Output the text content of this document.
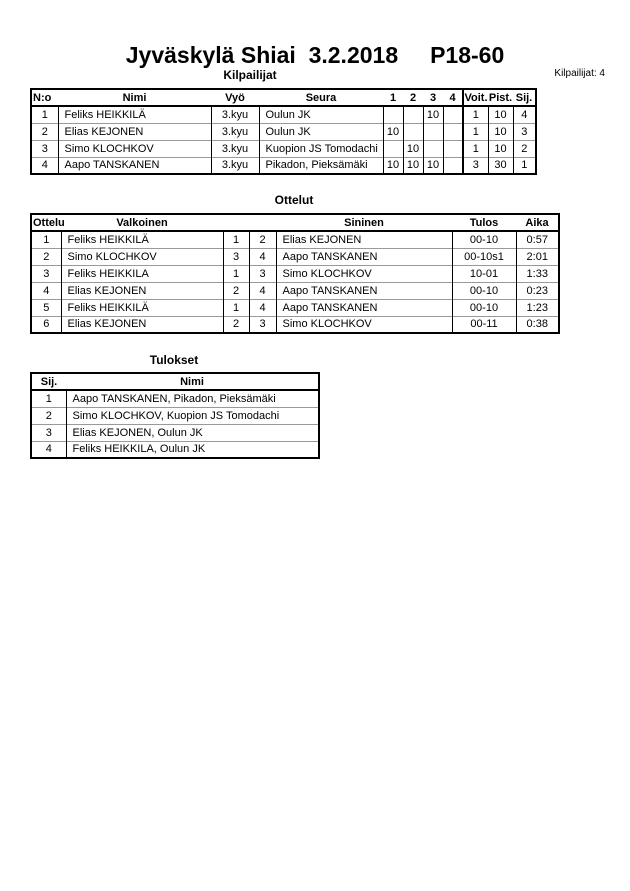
Jyväskylä Shiai  3.2.2018     P18-60
Kilpailijat	Kilpailijat: 4
N:o	Nimi	Vyö	Seura	1	2	3	4	Voit.	Pist.	Sij.
1	Feliks HEIKKILÄ	3.kyu	Oulun JK			10		1	10	4
2	Elias KEJONEN	3.kyu	Oulun JK	10				1	10	3
3	Simo KLOCHKOV	3.kyu	Kuopion JS Tomodachi		10			1	10	2
4	Aapo TANSKANEN	3.kyu	Pikadon, Pieksämäki	10	10	10		3	30	1
Ottelut
Ottelu	Valkoinen			Sininen	Tulos	Aika
1	Feliks HEIKKILÄ	1	2	Elias KEJONEN	00-10	0:57
2	Simo KLOCHKOV	3	4	Aapo TANSKANEN	00-10s1	2:01
3	Feliks HEIKKILA	1	3	Simo KLOCHKOV	10-01	1:33
4	Elias KEJONEN	2	4	Aapo TANSKANEN	00-10	0:23
5	Feliks HEIKKILÄ	1	4	Aapo TANSKANEN	00-10	1:23
6	Elias KEJONEN	2	3	Simo KLOCHKOV	00-11	0:38
Tulokset
Sij.	Nimi
1	Aapo TANSKANEN, Pikadon, Pieksämäki
2	Simo KLOCHKOV, Kuopion JS Tomodachi
3	Elias KEJONEN, Oulun JK
4	Feliks HEIKKILA, Oulun JK
